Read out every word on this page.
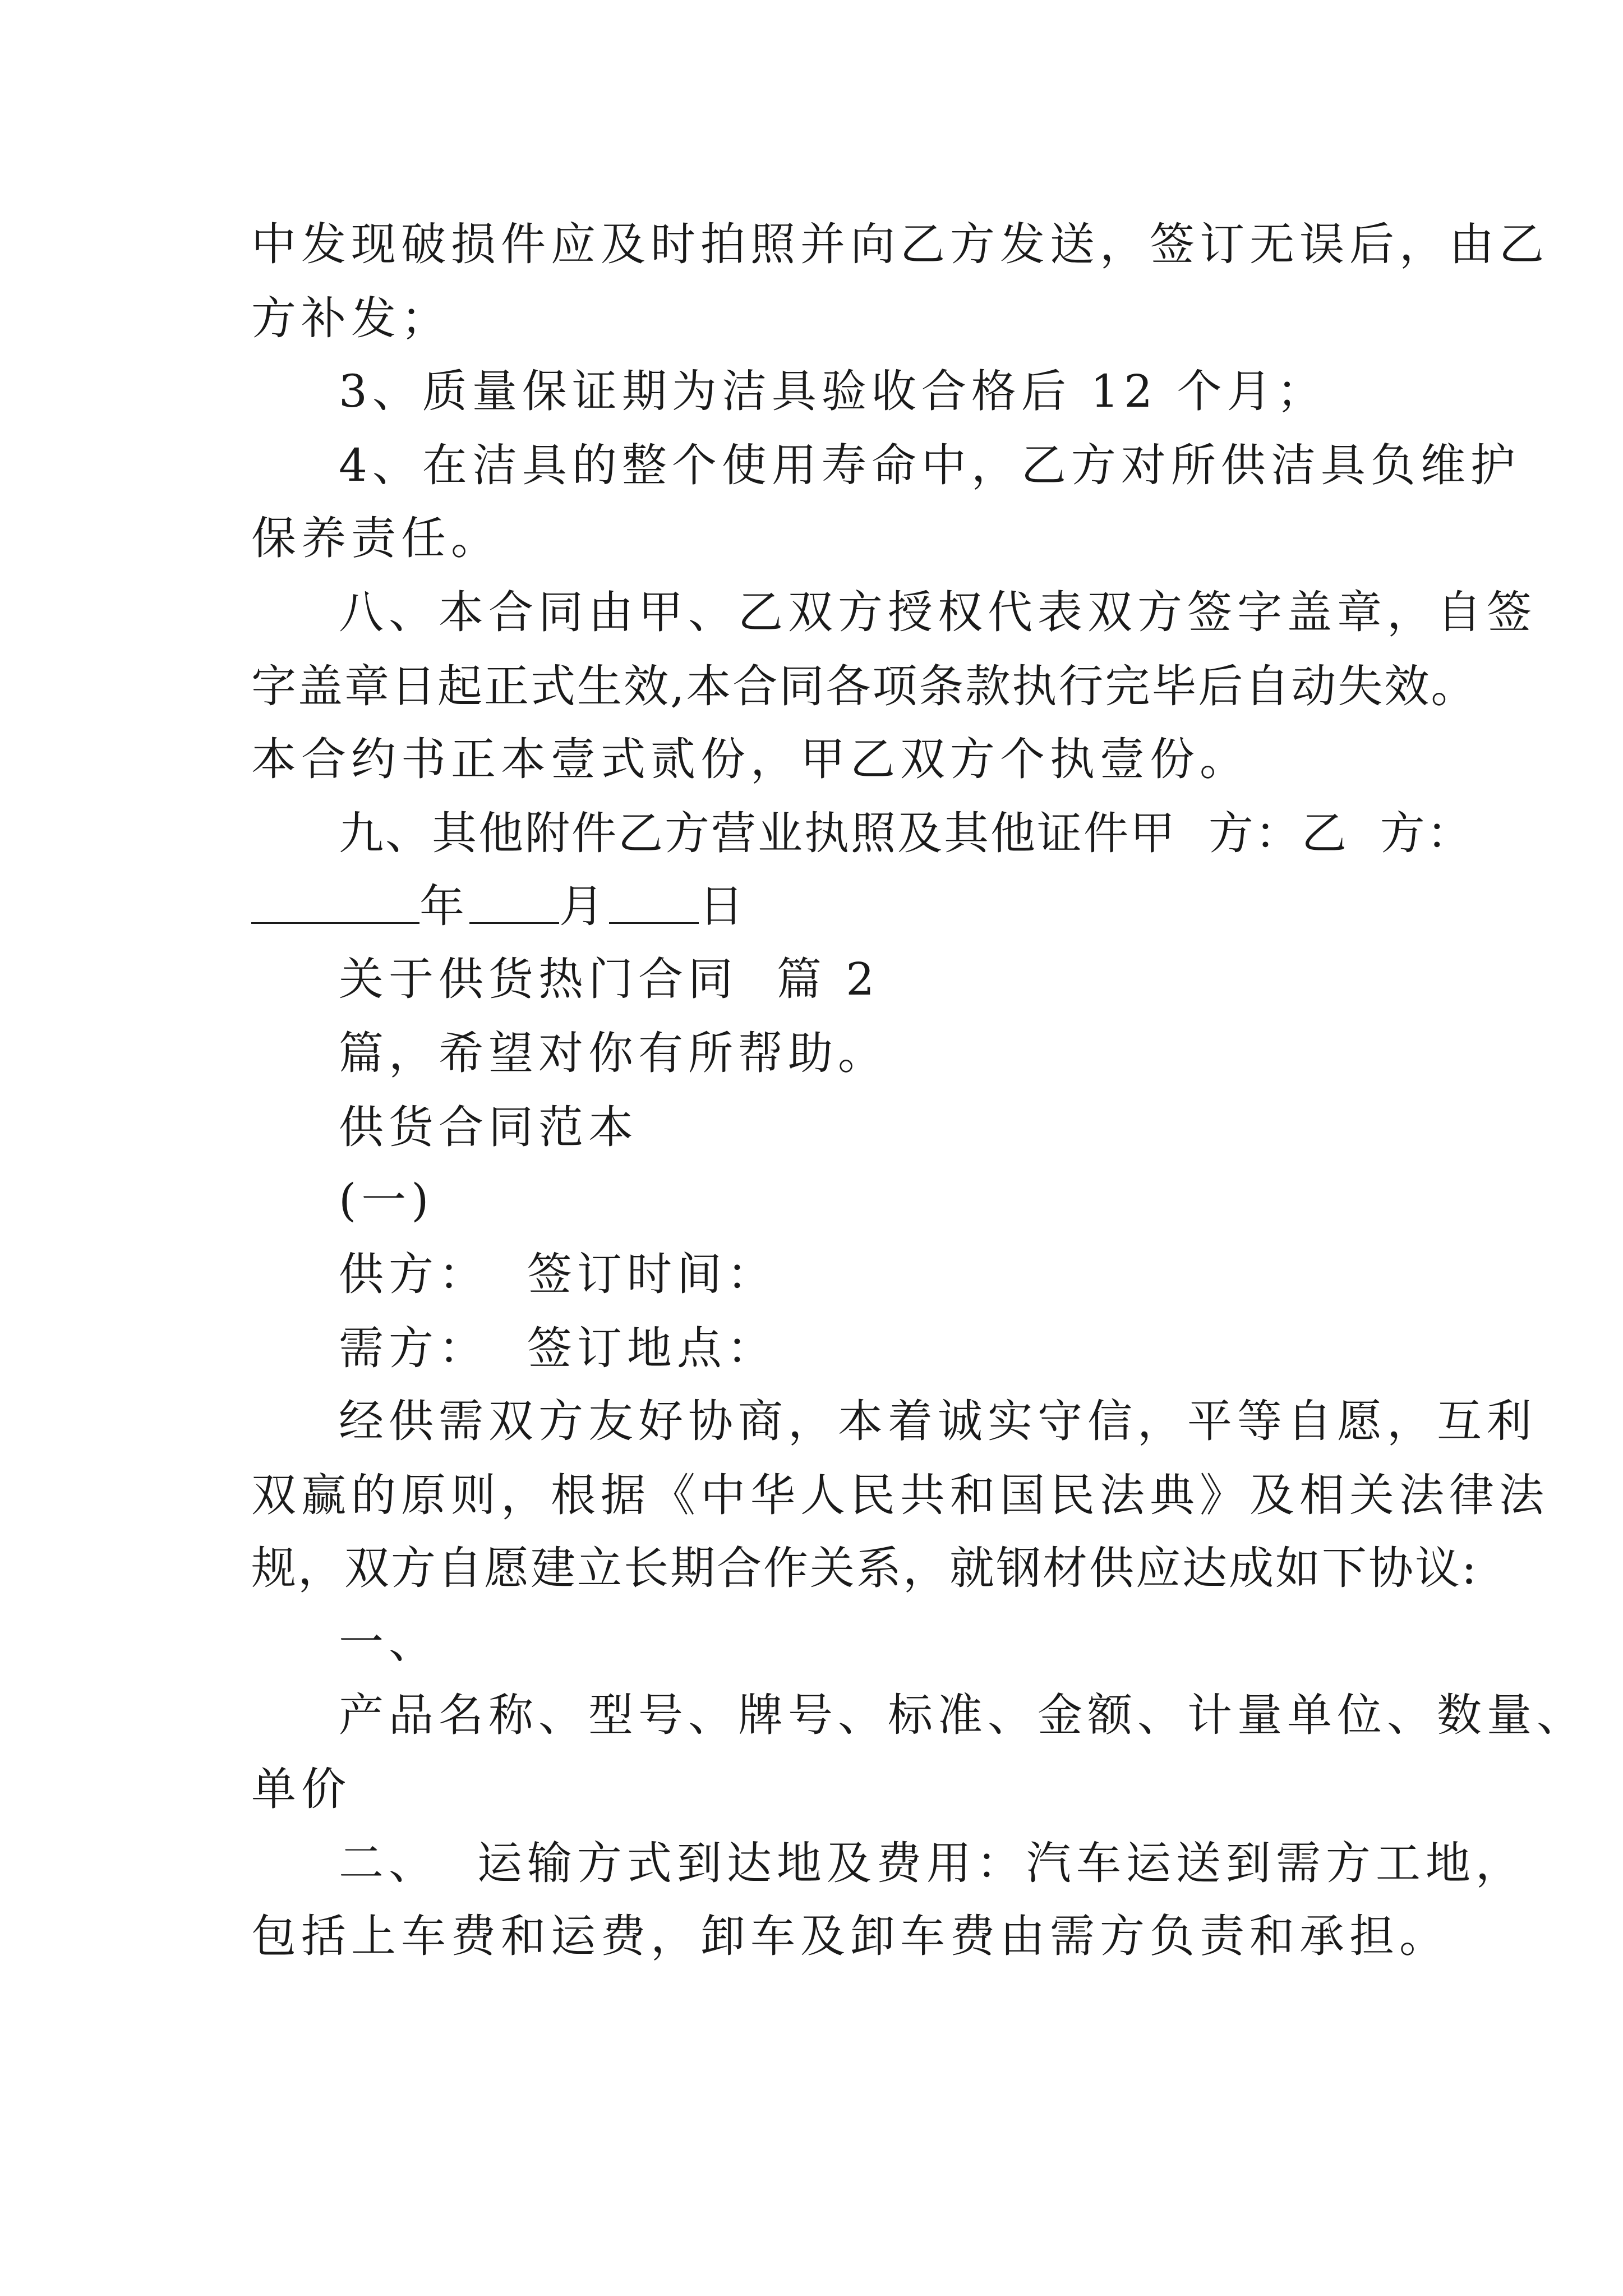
中发现破损件应及时拍照并向乙方发送，签订无误后，由乙
方补发；
3、质量保证期为洁具验收合格后 12 个月；
4、在洁具的整个使用寿命中，乙方对所供洁具负维护
保养责任。
八、本合同由甲、乙双方授权代表双方签字盖章，自签
字盖章日起正式生效,本合同各项条款执行完毕后自动失效。
本合约书正本壹式贰份，甲乙双方个执壹份。
九、其他附件乙方营业执照及其他证件甲  方：乙  方：
年 月 日
关于供货热门合同  篇 2
篇，希望对你有所帮助。
供货合同范本
(一)
供方：  签订时间：
需方：  签订地点：
经供需双方友好协商，本着诚实守信，平等自愿，互利
双赢的原则，根据《中华人民共和国民法典》及相关法律法
规，双方自愿建立长期合作关系，就钢材供应达成如下协议:
一、
产品名称、型号、牌号、标准、金额、计量单位、数量、
单价
二、  运输方式到达地及费用：汽车运送到需方工地，
包括上车费和运费，卸车及卸车费由需方负责和承担。
